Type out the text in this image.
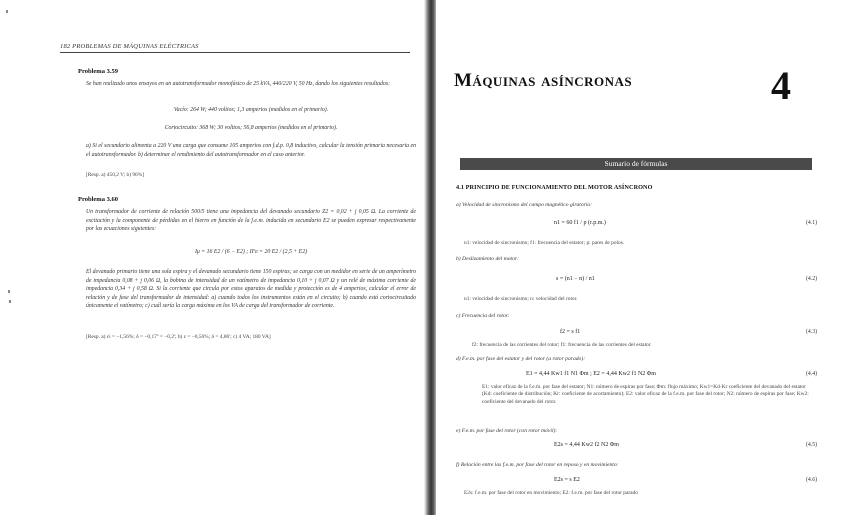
182 PROBLEMAS DE MÁQUINAS ELÉCTRICAS
Problema 3.59
Se han realizado unos ensayos en un autotransformador monofásico de 25 kVA, 440/220 V, 50 Hz, dando los siguientes resultados:
Vacío: 264 W; 440 voltios; 1,3 amperios (medidos en el primario).
Cortocircuito: 368 W; 30 voltios; 56,8 amperios (medidos en el primario).
a) Si el secundario alimenta a 220 V una carga que consume 105 amperios con f.d.p. 0,8 inductivo, calcular la tensión primaria necesaria en el autotransformador. b) determinar el rendimiento del autotransformador en el caso anterior.
[Resp. a) 450,2 V; b) 96%]
Problema 3.60
Un transformador de corriente de relación 500/5 tiene una impedancia del devanado secundario Z2 = 0,02 + j 0,05 Ω. La corriente de excitación y la componente de pérdidas en el hierro en función de la f.e.m. inducida en secundario E2 se pueden expresar respectivamente por las ecuaciones siguientes:
Iμ = 16 E2 / (6 − E2) ; IFe = 20 E2 / (2,5 + E2)
El devanado primario tiene una sola espira y el devanado secundario tiene 150 espiras; se carga con un medidor en serie de un amperímetro de impedancia 0,08 + j 0,06 Ω, la bobina de intensidad de un vatímetro de impedancia 0,10 + j 0,07 Ω y un relé de máxima corriente de impedancia 0,34 + j 0,58 Ω. Si la corriente que circula por estos aparatos de medida y protección es de 4 amperios, calcular el error de relación y de fase del transformador de intensidad: a) cuando todos los instrumentos están en el circuito; b) cuando está cortocircuitado únicamente el vatímetro; c) cuál sería la carga máxima en los VA de carga del transformador de corriente.
[Resp. a) εi = −1,56%; δ = −0,17º = −0,2'; b) ε = −0,56%; δ = 4,86'; c) 4 VA; 180 VA]
Máquinas asíncronas	4
Sumario de fórmulas
4.1 PRINCIPIO DE FUNCIONAMIENTO DEL MOTOR ASÍNCRONO
a) Velocidad de sincronismo del campo magnético giratorio:
n1 = 60 f1 / p (r.p.m.)	(4.1)
n1: velocidad de sincronismo; f1: frecuencia del estator; p: pares de polos.
b) Deslizamiento del motor:
s = (n1 − n) / n1	(4.2)
n1: velocidad de sincronismo; n: velocidad del rotor.
c) Frecuencia del rotor:
f2 = s f1	(4.3)
f2: frecuencia de las corrientes del rotor; f1: frecuencia de las corrientes del estator.
d) F.e.m. por fase del estator y del rotor (a rotor parado):
E1 = 4,44 Kw1 f1 N1 Φm ; E2 = 4,44 Kw2 f1 N2 Φm	(4.4)
E1: valor eficaz de la f.e.m. por fase del estator; N1: número de espiras por fase; Φm: flujo máximo; Kw1=Kd·Kr coeficiente del devanado del estator (Kd: coeficiente de distribución; Kr: coeficiente de acortamiento); E2: valor eficaz de la f.e.m. por fase del rotor; N2: número de espiras por fase; Kw2: coeficiente del devanado del rotor.
e) F.e.m. por fase del rotor (con rotor móvil):
E2s = 4,44 Kw2 f2 N2 Φm	(4.5)
f) Relación entre las f.e.m. por fase del rotor en reposo y en movimiento:
E2s = s E2	(4.6)
E2s: f.e.m. por fase del rotor en movimiento; E2: f.e.m. por fase del rotor parado
